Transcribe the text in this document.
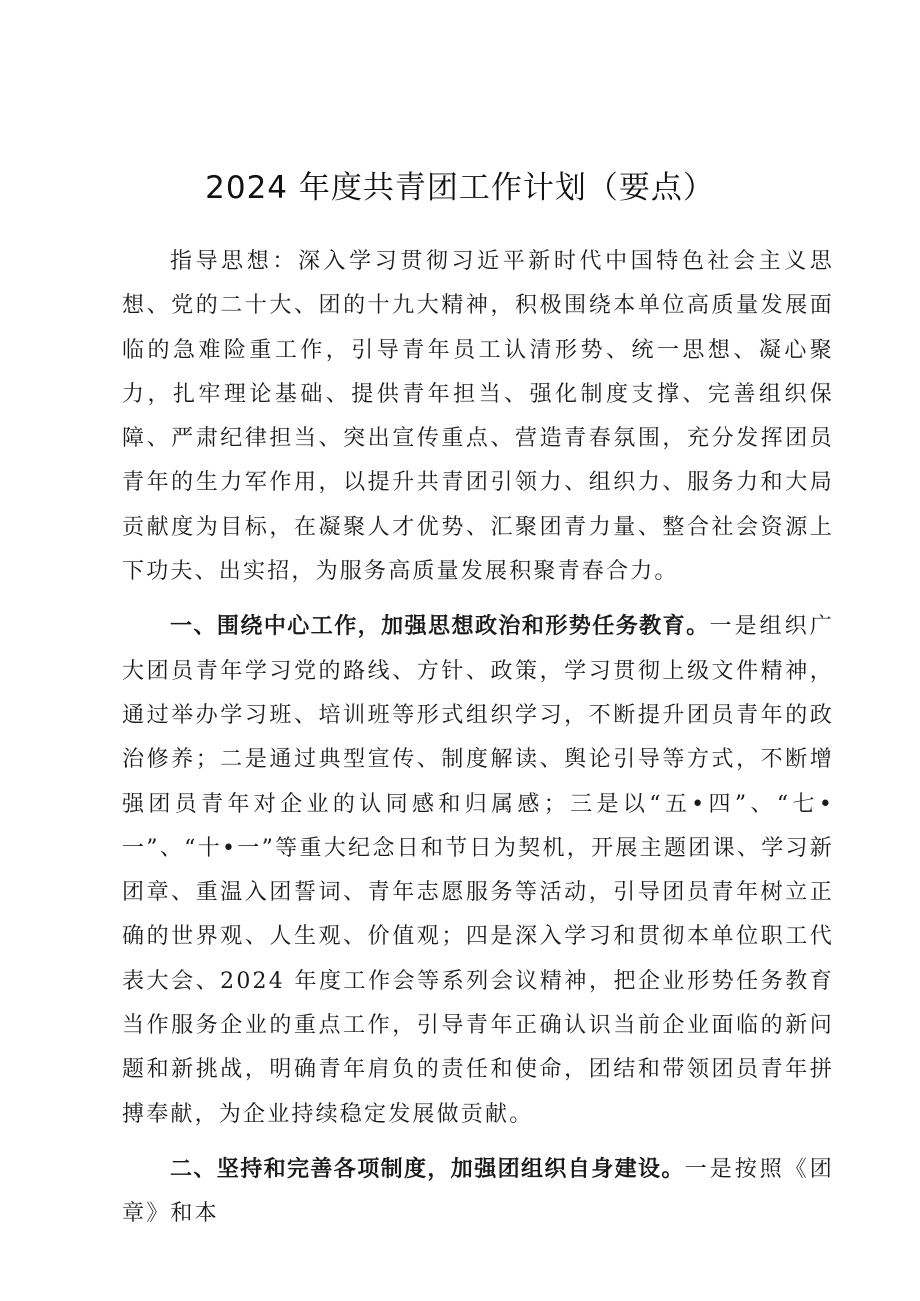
2024 年度共青团工作计划（要点）

指导思想：深入学习贯彻习近平新时代中国特色社会主义思想、党的二十大、团的十九大精神，积极围绕本单位高质量发展面临的急难险重工作，引导青年员工认清形势、统一思想、凝心聚力，扎牢理论基础、提供青年担当、强化制度支撑、完善组织保障、严肃纪律担当、突出宣传重点、营造青春氛围，充分发挥团员青年的生力军作用，以提升共青团引领力、组织力、服务力和大局贡献度为目标，在凝聚人才优势、汇聚团青力量、整合社会资源上下功夫、出实招，为服务高质量发展积聚青春合力。

一、围绕中心工作，加强思想政治和形势任务教育。一是组织广大团员青年学习党的路线、方针、政策，学习贯彻上级文件精神，通过举办学习班、培训班等形式组织学习，不断提升团员青年的政治修养；二是通过典型宣传、制度解读、舆论引导等方式，不断增强团员青年对企业的认同感和归属感；三是以“五•四”、“七•一”、“十•一”等重大纪念日和节日为契机，开展主题团课、学习新团章、重温入团誓词、青年志愿服务等活动，引导团员青年树立正确的世界观、人生观、价值观；四是深入学习和贯彻本单位职工代表大会、2024 年度工作会等系列会议精神，把企业形势任务教育当作服务企业的重点工作，引导青年正确认识当前企业面临的新问题和新挑战，明确青年肩负的责任和使命，团结和带领团员青年拼搏奉献，为企业持续稳定发展做贡献。

二、坚持和完善各项制度，加强团组织自身建设。一是按照《团章》和本
